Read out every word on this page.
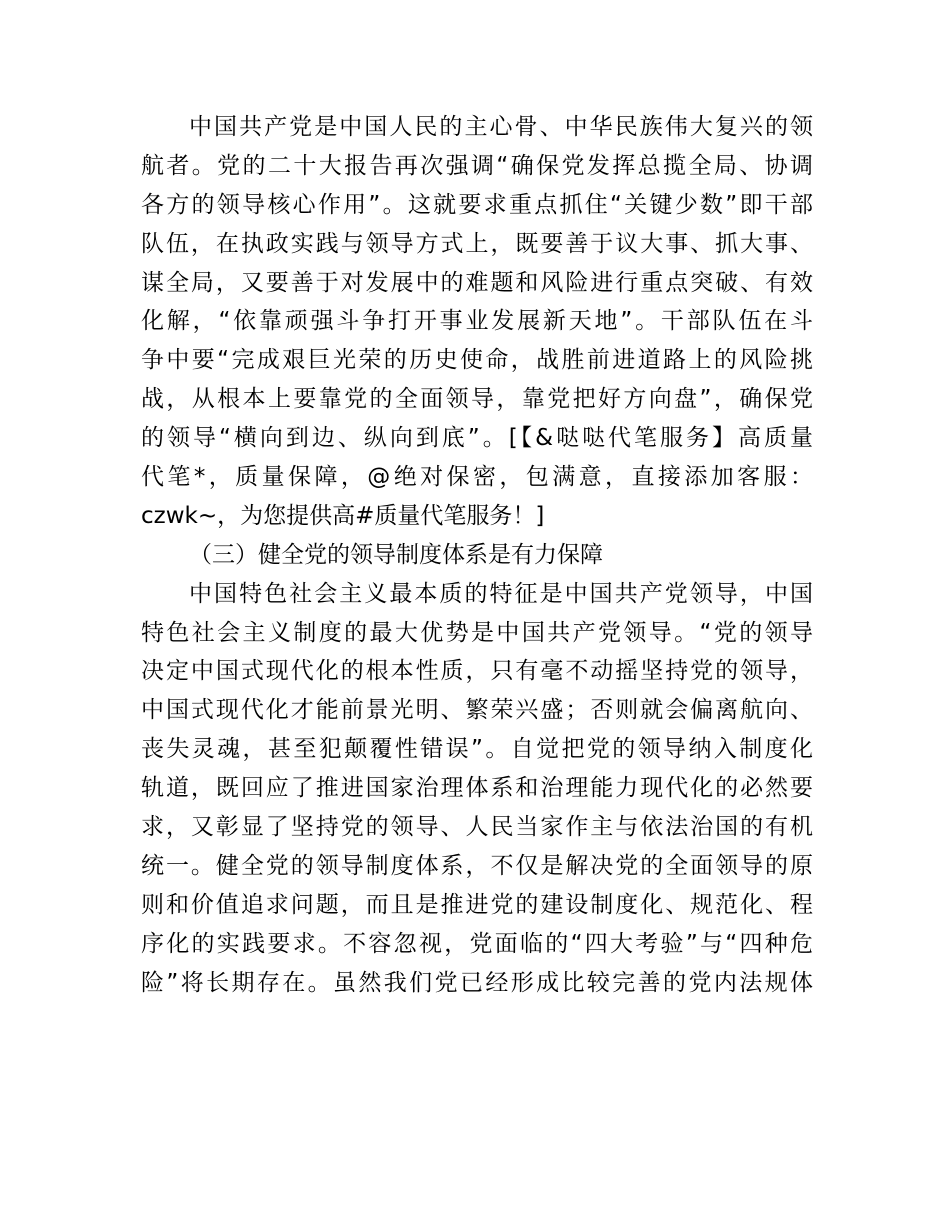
中国共产党是中国人民的主心骨、中华民族伟大复兴的领
航者。党的二十大报告再次强调“确保党发挥总揽全局、协调
各方的领导核心作用”。这就要求重点抓住“关键少数”即干部
队伍，在执政实践与领导方式上，既要善于议大事、抓大事、
谋全局，又要善于对发展中的难题和风险进行重点突破、有效
化解，“依靠顽强斗争打开事业发展新天地”。干部队伍在斗
争中要“完成艰巨光荣的历史使命，战胜前进道路上的风险挑
战，从根本上要靠党的全面领导，靠党把好方向盘”，确保党
的领导“横向到边、纵向到底”。[【&哒哒代笔服务】高质量
代笔*，质量保障，@绝对保密，包满意，直接添加客服：
czwk~，为您提供高#质量代笔服务！]
（三）健全党的领导制度体系是有力保障
中国特色社会主义最本质的特征是中国共产党领导，中国
特色社会主义制度的最大优势是中国共产党领导。“党的领导
决定中国式现代化的根本性质，只有毫不动摇坚持党的领导，
中国式现代化才能前景光明、繁荣兴盛；否则就会偏离航向、
丧失灵魂，甚至犯颠覆性错误”。自觉把党的领导纳入制度化
轨道，既回应了推进国家治理体系和治理能力现代化的必然要
求，又彰显了坚持党的领导、人民当家作主与依法治国的有机
统一。健全党的领导制度体系，不仅是解决党的全面领导的原
则和价值追求问题，而且是推进党的建设制度化、规范化、程
序化的实践要求。不容忽视，党面临的“四大考验”与“四种危
险”将长期存在。虽然我们党已经形成比较完善的党内法规体
